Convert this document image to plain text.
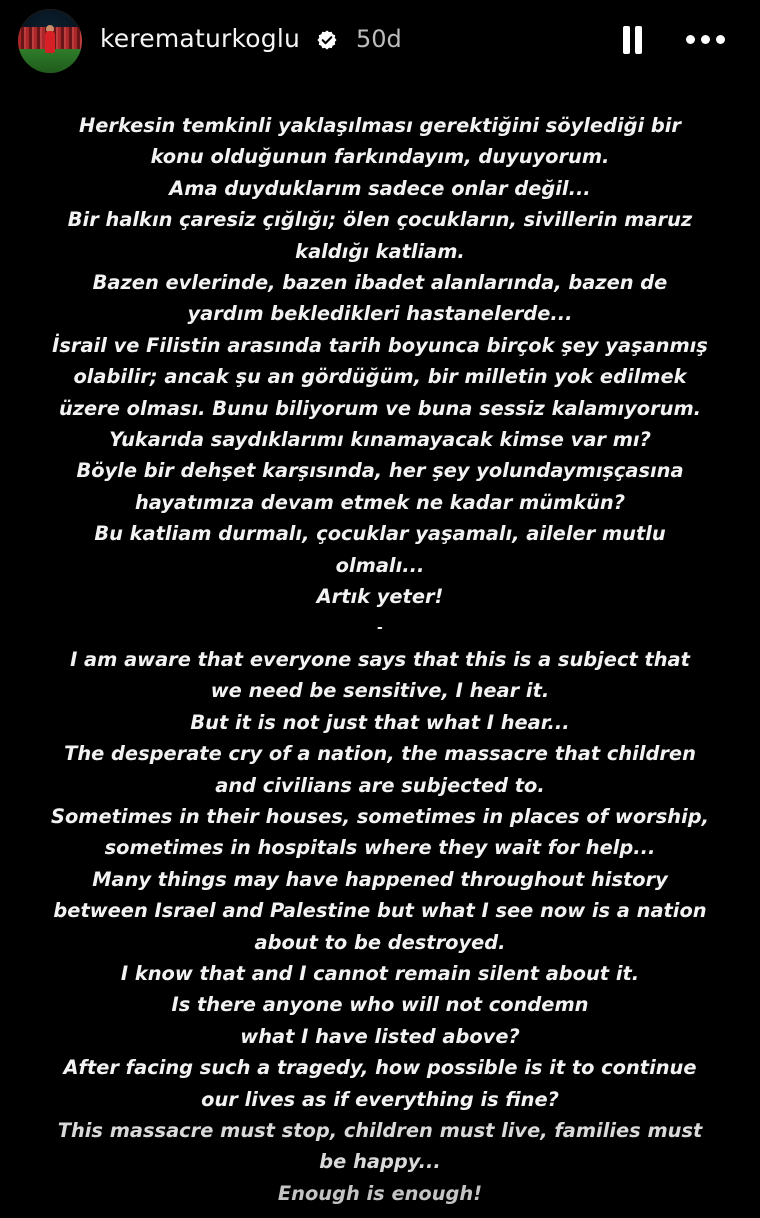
kerematurkoglu 50d
Herkesin temkinli yaklaşılması gerektiğini söylediği bir
konu olduğunun farkındayım, duyuyorum.
Ama duyduklarım sadece onlar değil...
Bir halkın çaresiz çığlığı; ölen çocukların, sivillerin maruz
kaldığı katliam.
Bazen evlerinde, bazen ibadet alanlarında, bazen de
yardım bekledikleri hastanelerde...
İsrail ve Filistin arasında tarih boyunca birçok şey yaşanmış
olabilir; ancak şu an gördüğüm, bir milletin yok edilmek
üzere olması. Bunu biliyorum ve buna sessiz kalamıyorum.
Yukarıda saydıklarımı kınamayacak kimse var mı?
Böyle bir dehşet karşısında, her şey yolundaymışçasına
hayatımıza devam etmek ne kadar mümkün?
Bu katliam durmalı, çocuklar yaşamalı, aileler mutlu
olmalı...
Artık yeter!
-
I am aware that everyone says that this is a subject that
we need be sensitive, I hear it.
But it is not just that what I hear...
The desperate cry of a nation, the massacre that children
and civilians are subjected to.
Sometimes in their houses, sometimes in places of worship,
sometimes in hospitals where they wait for help...
Many things may have happened throughout history
between Israel and Palestine but what I see now is a nation
about to be destroyed.
I know that and I cannot remain silent about it.
Is there anyone who will not condemn
what I have listed above?
After facing such a tragedy, how possible is it to continue
our lives as if everything is fine?
This massacre must stop, children must live, families must
be happy...
Enough is enough!
